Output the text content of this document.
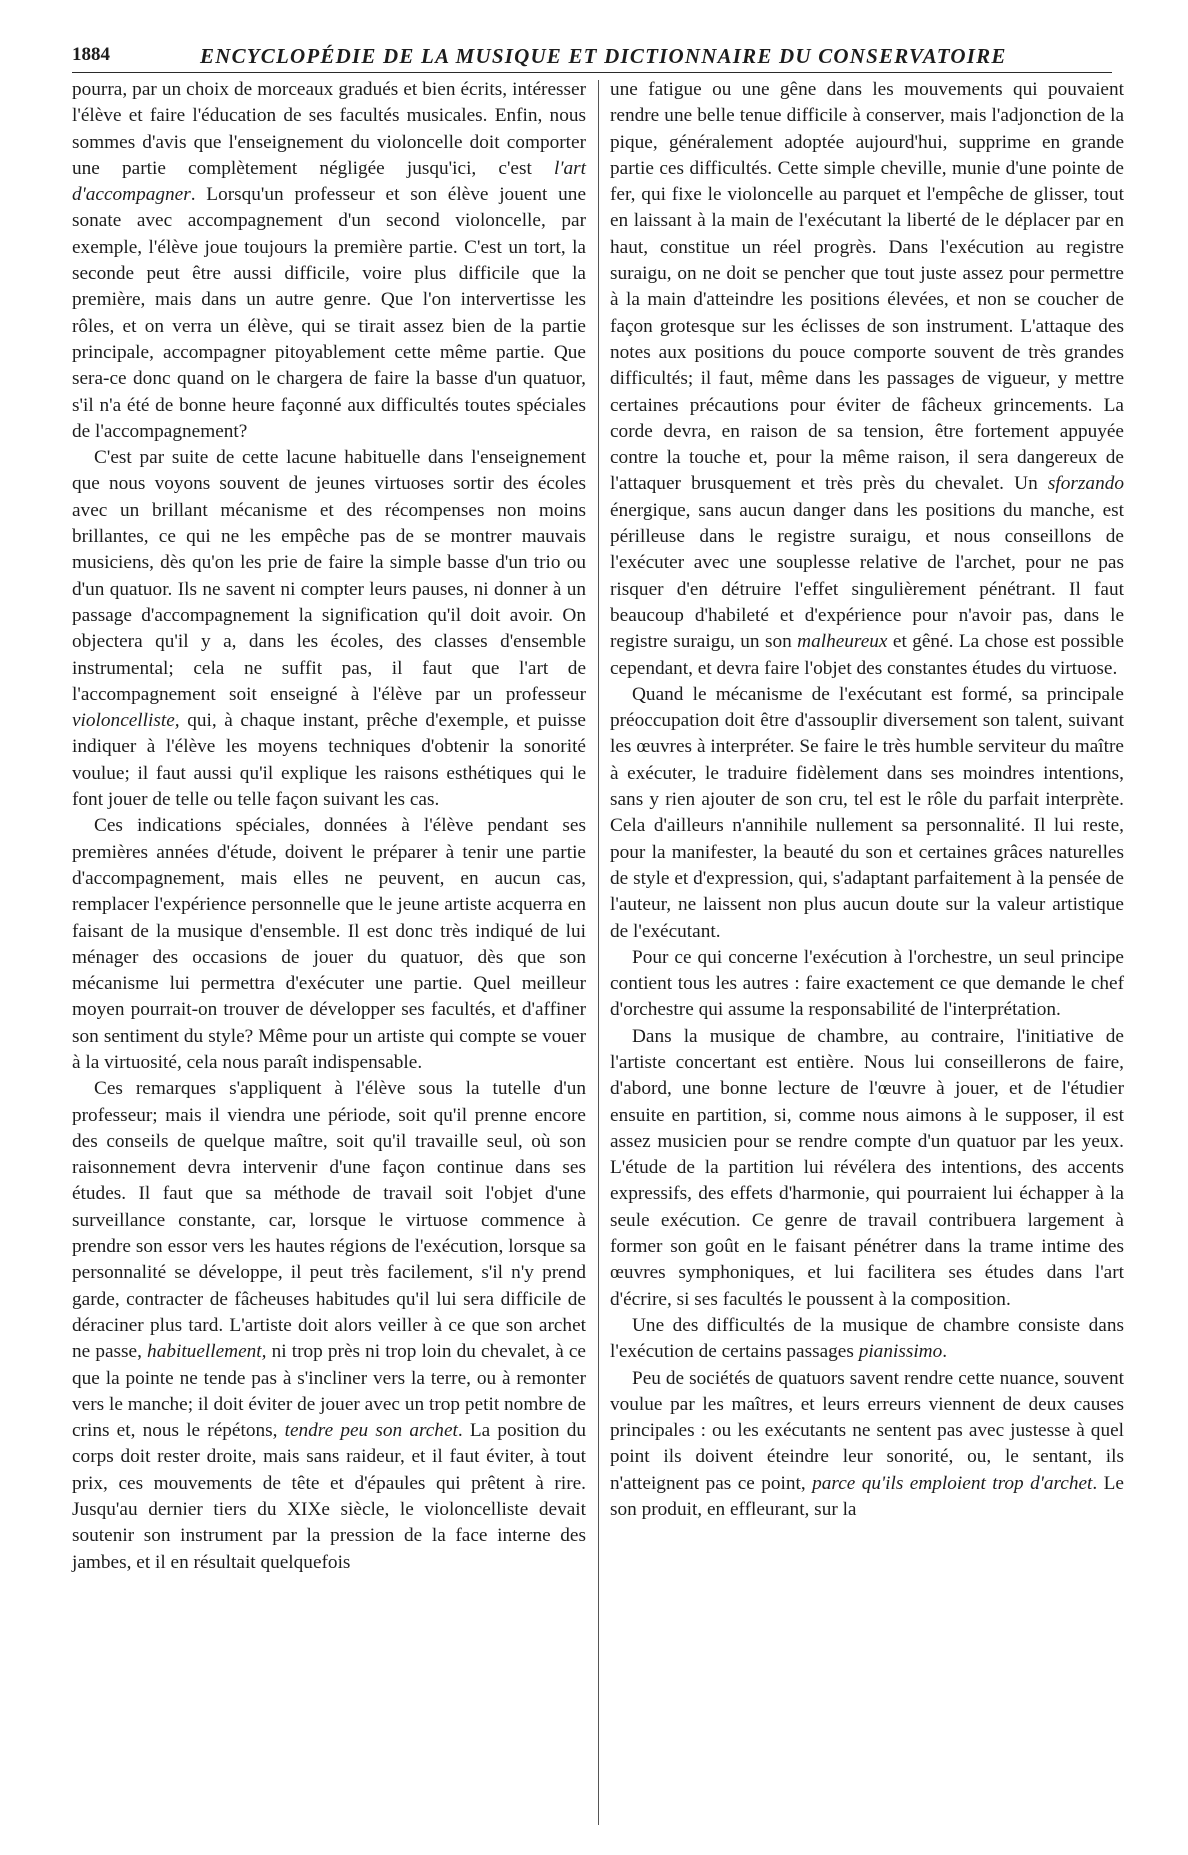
1884	ENCYCLOPÉDIE DE LA MUSIQUE ET DICTIONNAIRE DU CONSERVATOIRE

pourra, par un choix de morceaux gradués et bien écrits, intéresser l'élève et faire l'éducation de ses facultés musicales. Enfin, nous sommes d'avis que l'enseignement du violoncelle doit comporter une partie complètement négligée jusqu'ici, c'est l'art d'accompagner. Lorsqu'un professeur et son élève jouent une sonate avec accompagnement d'un second violoncelle, par exemple, l'élève joue toujours la première partie. C'est un tort, la seconde peut être aussi difficile, voire plus difficile que la première, mais dans un autre genre. Que l'on intervertisse les rôles, et on verra un élève, qui se tirait assez bien de la partie principale, accompagner pitoyablement cette même partie. Que sera-ce donc quand on le chargera de faire la basse d'un quatuor, s'il n'a été de bonne heure façonné aux difficultés toutes spéciales de l'accompagnement?

C'est par suite de cette lacune habituelle dans l'enseignement que nous voyons souvent de jeunes virtuoses sortir des écoles avec un brillant mécanisme et des récompenses non moins brillantes, ce qui ne les empêche pas de se montrer mauvais musiciens, dès qu'on les prie de faire la simple basse d'un trio ou d'un quatuor. Ils ne savent ni compter leurs pauses, ni donner à un passage d'accompagnement la signification qu'il doit avoir. On objectera qu'il y a, dans les écoles, des classes d'ensemble instrumental; cela ne suffit pas, il faut que l'art de l'accompagnement soit enseigné à l'élève par un professeur violoncelliste, qui, à chaque instant, prêche d'exemple, et puisse indiquer à l'élève les moyens techniques d'obtenir la sonorité voulue; il faut aussi qu'il explique les raisons esthétiques qui le font jouer de telle ou telle façon suivant les cas.

Ces indications spéciales, données à l'élève pendant ses premières années d'étude, doivent le préparer à tenir une partie d'accompagnement, mais elles ne peuvent, en aucun cas, remplacer l'expérience personnelle que le jeune artiste acquerra en faisant de la musique d'ensemble. Il est donc très indiqué de lui ménager des occasions de jouer du quatuor, dès que son mécanisme lui permettra d'exécuter une partie. Quel meilleur moyen pourrait-on trouver de développer ses facultés, et d'affiner son sentiment du style? Même pour un artiste qui compte se vouer à la virtuosité, cela nous paraît indispensable.

Ces remarques s'appliquent à l'élève sous la tutelle d'un professeur; mais il viendra une période, soit qu'il prenne encore des conseils de quelque maître, soit qu'il travaille seul, où son raisonnement devra intervenir d'une façon continue dans ses études. Il faut que sa méthode de travail soit l'objet d'une surveillance constante, car, lorsque le virtuose commence à prendre son essor vers les hautes régions de l'exécution, lorsque sa personnalité se développe, il peut très facilement, s'il n'y prend garde, contracter de fâcheuses habitudes qu'il lui sera difficile de déraciner plus tard. L'artiste doit alors veiller à ce que son archet ne passe, habituellement, ni trop près ni trop loin du chevalet, à ce que la pointe ne tende pas à s'incliner vers la terre, ou à remonter vers le manche; il doit éviter de jouer avec un trop petit nombre de crins et, nous le répétons, tendre peu son archet. La position du corps doit rester droite, mais sans raideur, et il faut éviter, à tout prix, ces mouvements de tête et d'épaules qui prêtent à rire. Jusqu'au dernier tiers du XIXe siècle, le violoncelliste devait soutenir son instrument par la pression de la face interne des jambes, et il en résultait quelquefois

une fatigue ou une gêne dans les mouvements qui pouvaient rendre une belle tenue difficile à conserver, mais l'adjonction de la pique, généralement adoptée aujourd'hui, supprime en grande partie ces difficultés. Cette simple cheville, munie d'une pointe de fer, qui fixe le violoncelle au parquet et l'empêche de glisser, tout en laissant à la main de l'exécutant la liberté de le déplacer par en haut, constitue un réel progrès. Dans l'exécution au registre suraigu, on ne doit se pencher que tout juste assez pour permettre à la main d'atteindre les positions élevées, et non se coucher de façon grotesque sur les éclisses de son instrument. L'attaque des notes aux positions du pouce comporte souvent de très grandes difficultés; il faut, même dans les passages de vigueur, y mettre certaines précautions pour éviter de fâcheux grincements. La corde devra, en raison de sa tension, être fortement appuyée contre la touche et, pour la même raison, il sera dangereux de l'attaquer brusquement et très près du chevalet. Un sforzando énergique, sans aucun danger dans les positions du manche, est périlleuse dans le registre suraigu, et nous conseillons de l'exécuter avec une souplesse relative de l'archet, pour ne pas risquer d'en détruire l'effet singulièrement pénétrant. Il faut beaucoup d'habileté et d'expérience pour n'avoir pas, dans le registre suraigu, un son malheureux et gêné. La chose est possible cependant, et devra faire l'objet des constantes études du virtuose.

Quand le mécanisme de l'exécutant est formé, sa principale préoccupation doit être d'assouplir diversement son talent, suivant les œuvres à interpréter. Se faire le très humble serviteur du maître à exécuter, le traduire fidèlement dans ses moindres intentions, sans y rien ajouter de son cru, tel est le rôle du parfait interprète. Cela d'ailleurs n'annihile nullement sa personnalité. Il lui reste, pour la manifester, la beauté du son et certaines grâces naturelles de style et d'expression, qui, s'adaptant parfaitement à la pensée de l'auteur, ne laissent non plus aucun doute sur la valeur artistique de l'exécutant.

Pour ce qui concerne l'exécution à l'orchestre, un seul principe contient tous les autres : faire exactement ce que demande le chef d'orchestre qui assume la responsabilité de l'interprétation.

Dans la musique de chambre, au contraire, l'initiative de l'artiste concertant est entière. Nous lui conseillerons de faire, d'abord, une bonne lecture de l'œuvre à jouer, et de l'étudier ensuite en partition, si, comme nous aimons à le supposer, il est assez musicien pour se rendre compte d'un quatuor par les yeux. L'étude de la partition lui révélera des intentions, des accents expressifs, des effets d'harmonie, qui pourraient lui échapper à la seule exécution. Ce genre de travail contribuera largement à former son goût en le faisant pénétrer dans la trame intime des œuvres symphoniques, et lui facilitera ses études dans l'art d'écrire, si ses facultés le poussent à la composition.

Une des difficultés de la musique de chambre consiste dans l'exécution de certains passages pianissimo.

Peu de sociétés de quatuors savent rendre cette nuance, souvent voulue par les maîtres, et leurs erreurs viennent de deux causes principales : ou les exécutants ne sentent pas avec justesse à quel point ils doivent éteindre leur sonorité, ou, le sentant, ils n'atteignent pas ce point, parce qu'ils emploient trop d'archet. Le son produit, en effleurant, sur la
